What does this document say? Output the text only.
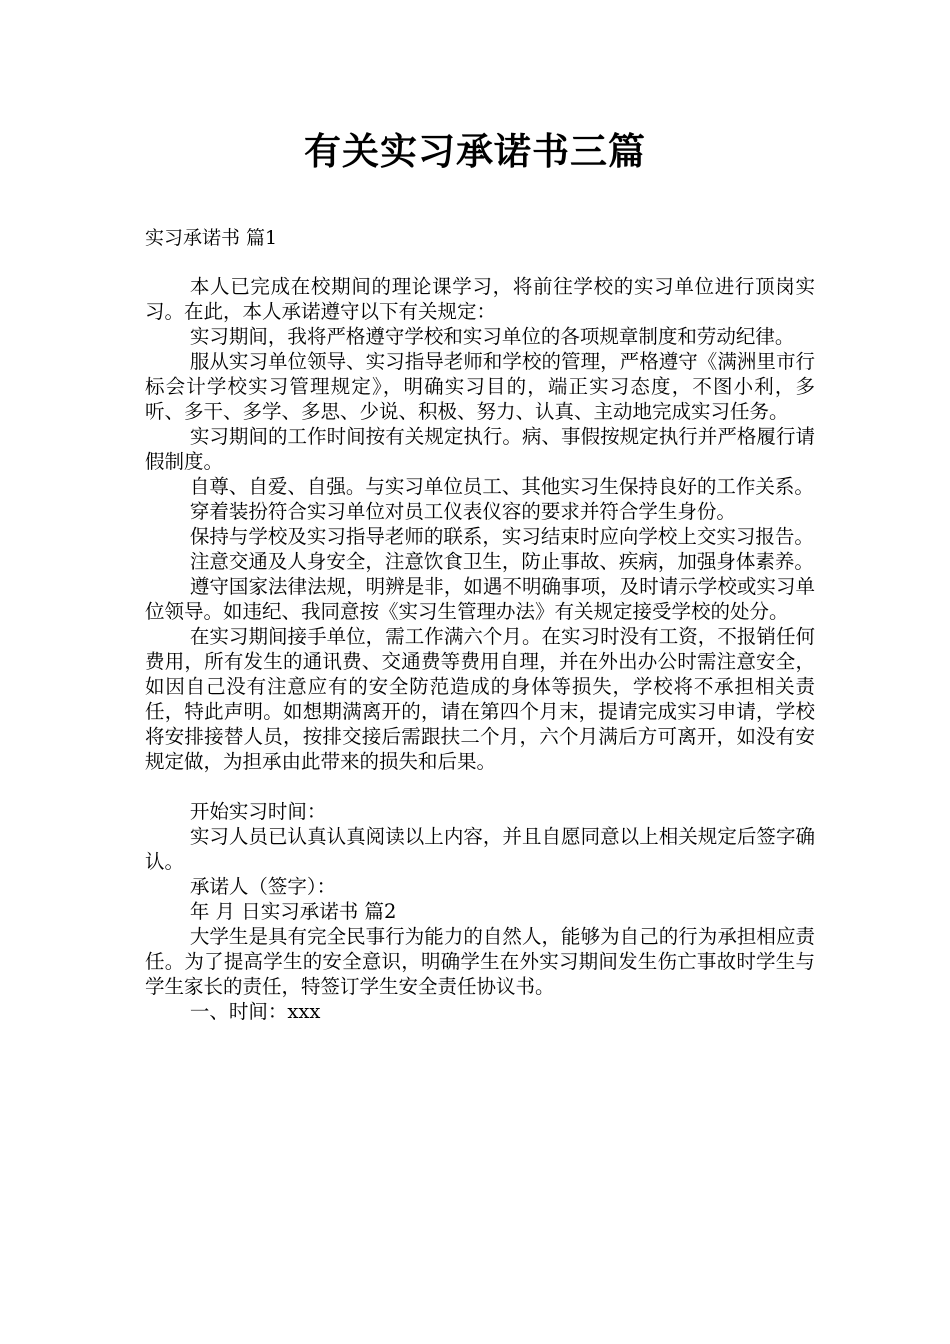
有关实习承诺书三篇
实习承诺书 篇1

本人已完成在校期间的理论课学习，将前往学校的实习单位进行顶岗实习。在此，本人承诺遵守以下有关规定：

实习期间，我将严格遵守学校和实习单位的各项规章制度和劳动纪律。

服从实习单位领导、实习指导老师和学校的管理，严格遵守《满洲里市行标会计学校实习管理规定》，明确实习目的，端正实习态度，不图小利，多听、多干、多学、多思、少说、积极、努力、认真、主动地完成实习任务。

实习期间的工作时间按有关规定执行。病、事假按规定执行并严格履行请假制度。

自尊、自爱、自强。与实习单位员工、其他实习生保持良好的工作关系。

穿着装扮符合实习单位对员工仪表仪容的要求并符合学生身份。

保持与学校及实习指导老师的联系，实习结束时应向学校上交实习报告。

注意交通及人身安全，注意饮食卫生，防止事故、疾病，加强身体素养。

遵守国家法律法规，明辨是非，如遇不明确事项，及时请示学校或实习单位领导。如违纪、我同意按《实习生管理办法》有关规定接受学校的处分。

在实习期间接手单位，需工作满六个月。在实习时没有工资，不报销任何费用，所有发生的通讯费、交通费等费用自理，并在外出办公时需注意安全，如因自己没有注意应有的安全防范造成的身体等损失，学校将不承担相关责任，特此声明。如想期满离开的，请在第四个月末，提请完成实习申请，学校将安排接替人员，按排交接后需跟扶二个月，六个月满后方可离开，如没有安规定做，为担承由此带来的损失和后果。

开始实习时间：

实习人员已认真认真阅读以上内容，并且自愿同意以上相关规定后签字确认。

承诺人（签字）：

年 月 日实习承诺书 篇2

大学生是具有完全民事行为能力的自然人，能够为自己的行为承担相应责任。为了提高学生的安全意识，明确学生在外实习期间发生伤亡事故时学生与学生家长的责任，特签订学生安全责任协议书。

一、时间：xxx
